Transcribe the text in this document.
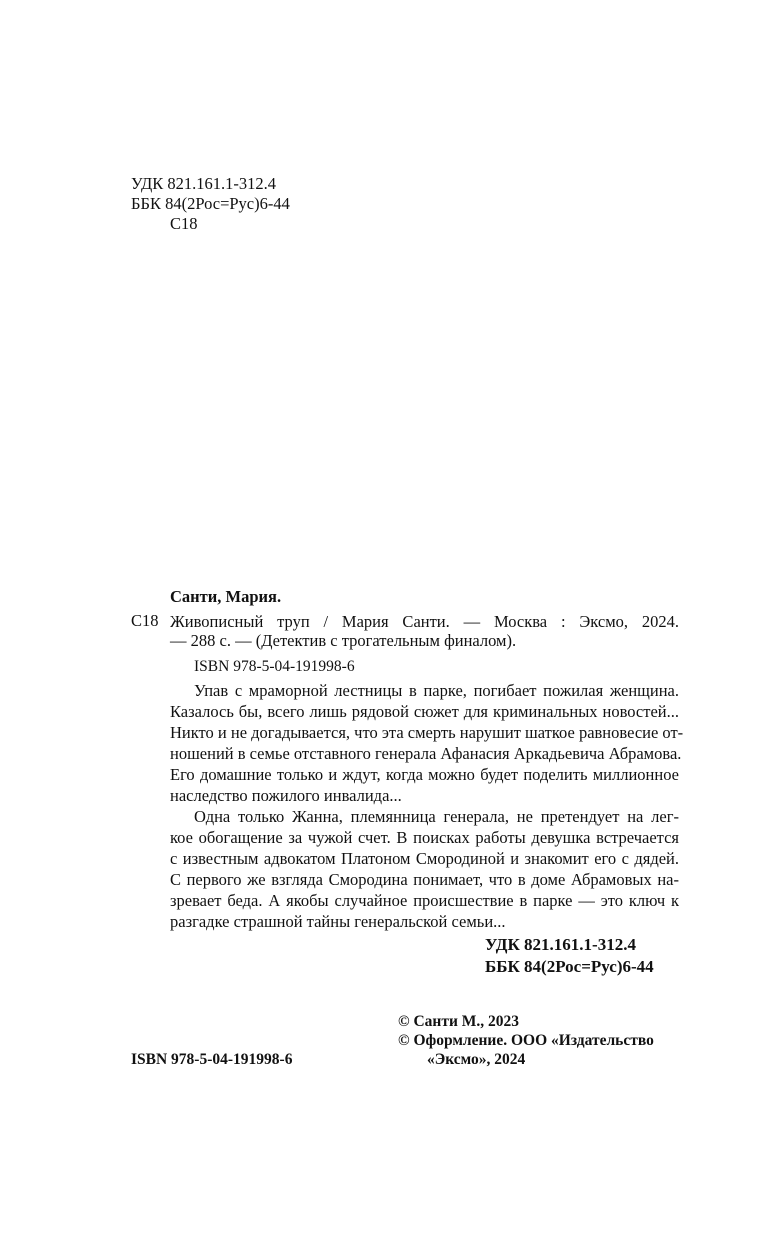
УДК 821.161.1-312.4
ББК 84(2Рос=Рус)6-44
С18
Санти, Мария.
С18 Живописный труп / Мария Санти. — Москва : Эксмо, 2024.
— 288 с. — (Детектив с трогательным финалом).
ISBN 978-5-04-191998-6
Упав с мраморной лестницы в парке, погибает пожилая женщина.
Казалось бы, всего лишь рядовой сюжет для криминальных новостей...
Никто и не догадывается, что эта смерть нарушит шаткое равновесие от-
ношений в семье отставного генерала Афанасия Аркадьевича Абрамова.
Его домашние только и ждут, когда можно будет поделить миллионное
наследство пожилого инвалида...
Одна только Жанна, племянница генерала, не претендует на лег-
кое обогащение за чужой счет. В поисках работы девушка встречается
с известным адвокатом Платоном Смородиной и знакомит его с дядей.
С первого же взгляда Смородина понимает, что в доме Абрамовых на-
зревает беда. А якобы случайное происшествие в парке — это ключ к
разгадке страшной тайны генеральской семьи...
УДК 821.161.1-312.4
ББК 84(2Рос=Рус)6-44
© Санти М., 2023
© Оформление. ООО «Издательство
«Эксмо», 2024
ISBN 978-5-04-191998-6
